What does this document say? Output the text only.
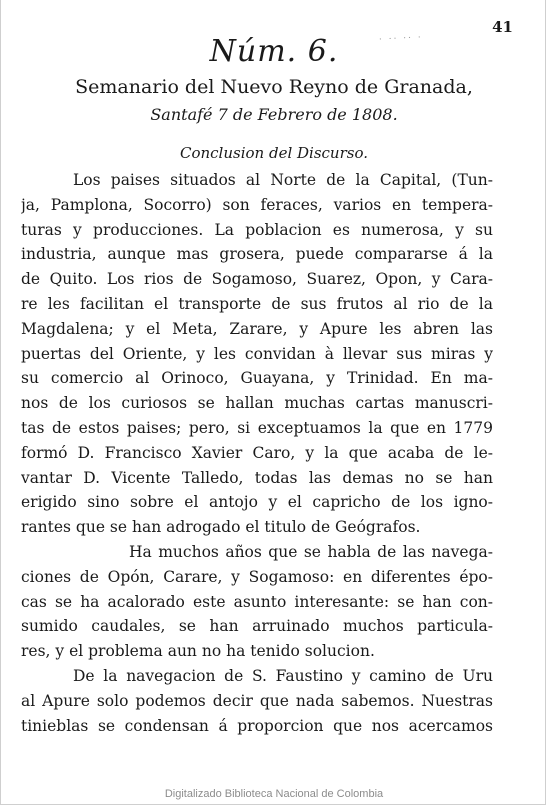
41
· ·· ·· ·
Núm. 6.
Semanario del Nuevo Reyno de Granada,
Santafé 7 de Febrero de 1808.
Conclusion del Discurso.
Los paises situados al Norte de la Capital, (Tun-
ja, Pamplona, Socorro) son feraces, varios en tempera-
turas y producciones. La poblacion es numerosa, y su
industria, aunque mas grosera, puede compararse á la
de Quito. Los rios de Sogamoso, Suarez, Opon, y Cara-
re les facilitan el transporte de sus frutos al rio de la
Magdalena; y el Meta, Zarare, y Apure les abren las
puertas del Oriente, y les convidan à llevar sus miras y
su comercio al Orinoco, Guayana, y Trinidad. En ma-
nos de los curiosos se hallan muchas cartas manuscri-
tas de estos paises; pero, si exceptuamos la que en 1779
formó D. Francisco Xavier Caro, y la que acaba de le-
vantar D. Vicente Talledo, todas las demas no se han
erigido sino sobre el antojo y el capricho de los igno-
rantes que se han adrogado el titulo de Geógrafos.
Ha muchos años que se habla de las navega-
ciones de Opón, Carare, y Sogamoso: en diferentes épo-
cas se ha acalorado este asunto interesante: se han con-
sumido caudales, se han arruinado muchos particula-
res, y el problema aun no ha tenido solucion.
De la navegacion de S. Faustino y camino de Uru
al Apure solo podemos decir que nada sabemos. Nuestras
tinieblas se condensan á proporcion que nos acercamos
Digitalizado Biblioteca Nacional de Colombia
